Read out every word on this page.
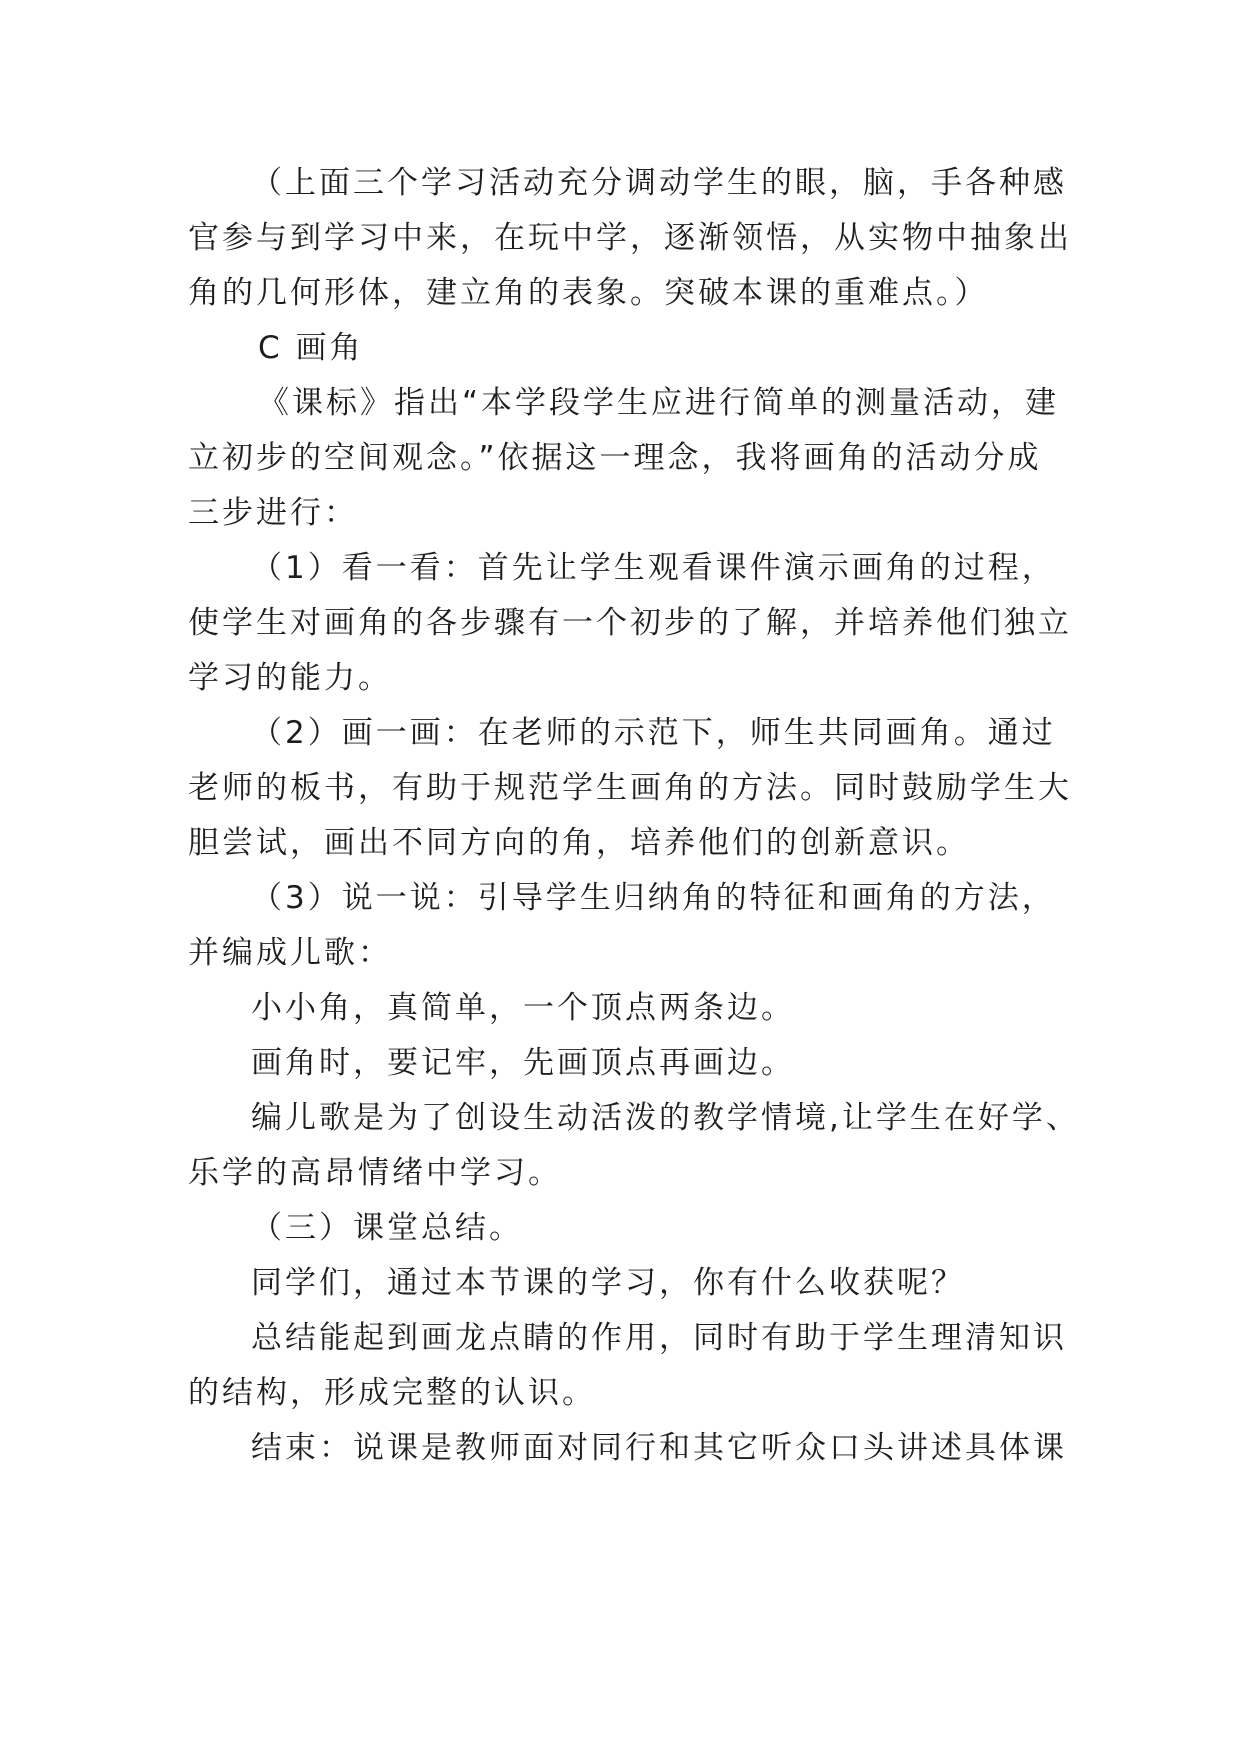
（上面三个学习活动充分调动学生的眼，脑，手各种感
官参与到学习中来，在玩中学，逐渐领悟，从实物中抽象出
角的几何形体，建立角的表象。突破本课的重难点。）
C 画角
《课标》指出“本学段学生应进行简单的测量活动，建
立初步的空间观念。”依据这一理念，我将画角的活动分成
三步进行：
（1）看一看：首先让学生观看课件演示画角的过程，
使学生对画角的各步骤有一个初步的了解，并培养他们独立
学习的能力。
（2）画一画：在老师的示范下，师生共同画角。通过
老师的板书，有助于规范学生画角的方法。同时鼓励学生大
胆尝试，画出不同方向的角，培养他们的创新意识。
（3）说一说：引导学生归纳角的特征和画角的方法，
并编成儿歌：
小小角，真简单，一个顶点两条边。
画角时，要记牢，先画顶点再画边。
编儿歌是为了创设生动活泼的教学情境,让学生在好学、
乐学的高昂情绪中学习。
（三）课堂总结。
同学们，通过本节课的学习，你有什么收获呢？
总结能起到画龙点睛的作用，同时有助于学生理清知识
的结构，形成完整的认识。
结束：说课是教师面对同行和其它听众口头讲述具体课
